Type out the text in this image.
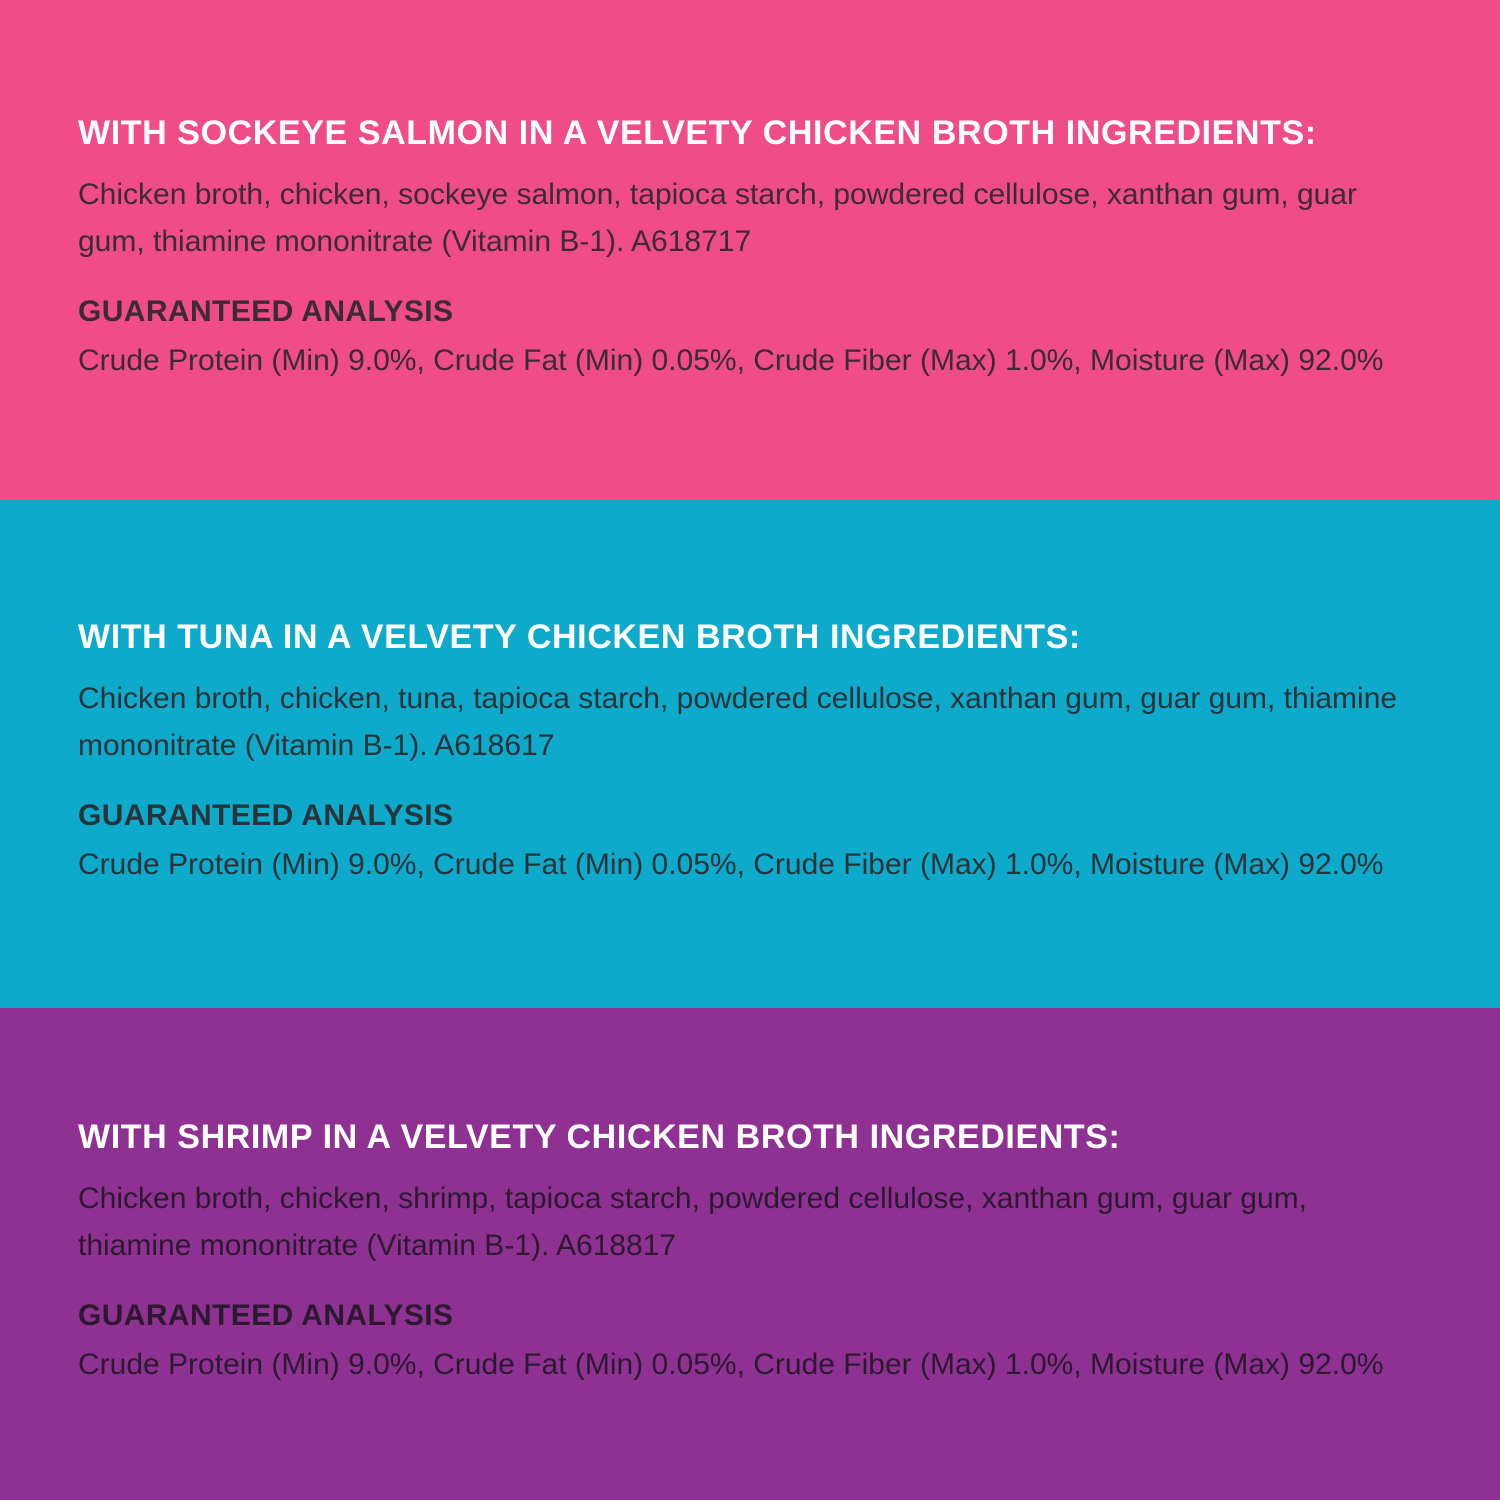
WITH SOCKEYE SALMON IN A VELVETY CHICKEN BROTH INGREDIENTS:

Chicken broth, chicken, sockeye salmon, tapioca starch, powdered cellulose, xanthan gum, guar gum, thiamine mononitrate (Vitamin B-1). A618717

GUARANTEED ANALYSIS

Crude Protein (Min) 9.0%, Crude Fat (Min) 0.05%, Crude Fiber (Max) 1.0%, Moisture (Max) 92.0%

WITH TUNA IN A VELVETY CHICKEN BROTH INGREDIENTS:

Chicken broth, chicken, tuna, tapioca starch, powdered cellulose, xanthan gum, guar gum, thiamine mononitrate (Vitamin B-1). A618617

GUARANTEED ANALYSIS

Crude Protein (Min) 9.0%, Crude Fat (Min) 0.05%, Crude Fiber (Max) 1.0%, Moisture (Max) 92.0%

WITH SHRIMP IN A VELVETY CHICKEN BROTH INGREDIENTS:

Chicken broth, chicken, shrimp, tapioca starch, powdered cellulose, xanthan gum, guar gum, thiamine mononitrate (Vitamin B-1). A618817

GUARANTEED ANALYSIS

Crude Protein (Min) 9.0%, Crude Fat (Min) 0.05%, Crude Fiber (Max) 1.0%, Moisture (Max) 92.0%
